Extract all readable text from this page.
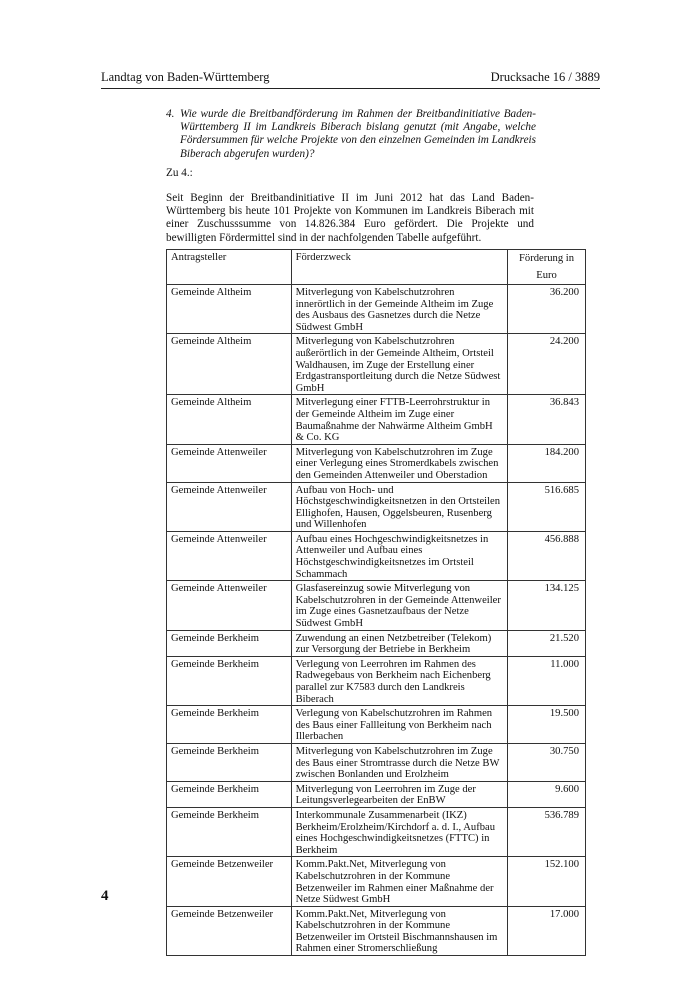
Landtag von Baden-Württemberg	Drucksache 16 / 3889
4. Wie wurde die Breitbandförderung im Rahmen der Breitbandinitiative Baden-Württemberg II im Landkreis Biberach bislang genutzt (mit Angabe, welche Fördersummen für welche Projekte von den einzelnen Gemeinden im Landkreis Biberach abgerufen wurden)?
Zu 4.:
Seit Beginn der Breitbandinitiative II im Juni 2012 hat das Land Baden-Württemberg bis heute 101 Projekte von Kommunen im Landkreis Biberach mit einer Zuschusssumme von 14.826.384 Euro gefördert. Die Projekte und bewilligten Fördermittel sind in der nachfolgenden Tabelle aufgeführt.
Antragsteller	Förderzweck	Förderung in Euro
Gemeinde Altheim	Mitverlegung von Kabelschutzrohren innerörtlich in der Gemeinde Altheim im Zuge des Ausbaus des Gasnetzes durch die Netze Südwest GmbH	36.200
Gemeinde Altheim	Mitverlegung von Kabelschutzrohren außerörtlich in der Gemeinde Altheim, Ortsteil Waldhausen, im Zuge der Erstellung einer Erdgastransportleitung durch die Netze Südwest GmbH	24.200
Gemeinde Altheim	Mitverlegung einer FTTB-Leerrohrstruktur in der Gemeinde Altheim im Zuge einer Baumaßnahme der Nahwärme Altheim GmbH & Co. KG	36.843
Gemeinde Attenweiler	Mitverlegung von Kabelschutzrohren im Zuge einer Verlegung eines Stromerdkabels zwischen den Gemeinden Attenweiler und Oberstadion	184.200
Gemeinde Attenweiler	Aufbau von Hoch- und Höchstgeschwindigkeitsnetzen in den Ortsteilen Ellighofen, Hausen, Oggelsbeuren, Rusenberg und Willenhofen	516.685
Gemeinde Attenweiler	Aufbau eines Hochgeschwindigkeitsnetzes in Attenweiler und Aufbau eines Höchstgeschwindigkeitsnetzes im Ortsteil Schammach	456.888
Gemeinde Attenweiler	Glasfasereinzug sowie Mitverlegung von Kabelschutzrohren in der Gemeinde Attenweiler im Zuge eines Gasnetzaufbaus der Netze Südwest GmbH	134.125
Gemeinde Berkheim	Zuwendung an einen Netzbetreiber (Telekom) zur Versorgung der Betriebe in Berkheim	21.520
Gemeinde Berkheim	Verlegung von Leerrohren im Rahmen des Radwegebaus von Berkheim nach Eichenberg parallel zur K7583 durch den Landkreis Biberach	11.000
Gemeinde Berkheim	Verlegung von Kabelschutzrohren im Rahmen des Baus einer Fallleitung von Berkheim nach Illerbachen	19.500
Gemeinde Berkheim	Mitverlegung von Kabelschutzrohren im Zuge des Baus einer Stromtrasse durch die Netze BW zwischen Bonlanden und Erolzheim	30.750
Gemeinde Berkheim	Mitverlegung von Leerrohren im Zuge der Leitungsverlegearbeiten der EnBW	9.600
Gemeinde Berkheim	Interkommunale Zusammenarbeit (IKZ) Berkheim/Erolzheim/Kirchdorf a. d. I., Aufbau eines Hochgeschwindigkeitsnetzes (FTTC) in Berkheim	536.789
Gemeinde Betzenweiler	Komm.Pakt.Net, Mitverlegung von Kabelschutzrohren in der Kommune Betzenweiler im Rahmen einer Maßnahme der Netze Südwest GmbH	152.100
Gemeinde Betzenweiler	Komm.Pakt.Net, Mitverlegung von Kabelschutzrohren in der Kommune Betzenweiler im Ortsteil Bischmannshausen im Rahmen einer Stromerschließung	17.000
4
